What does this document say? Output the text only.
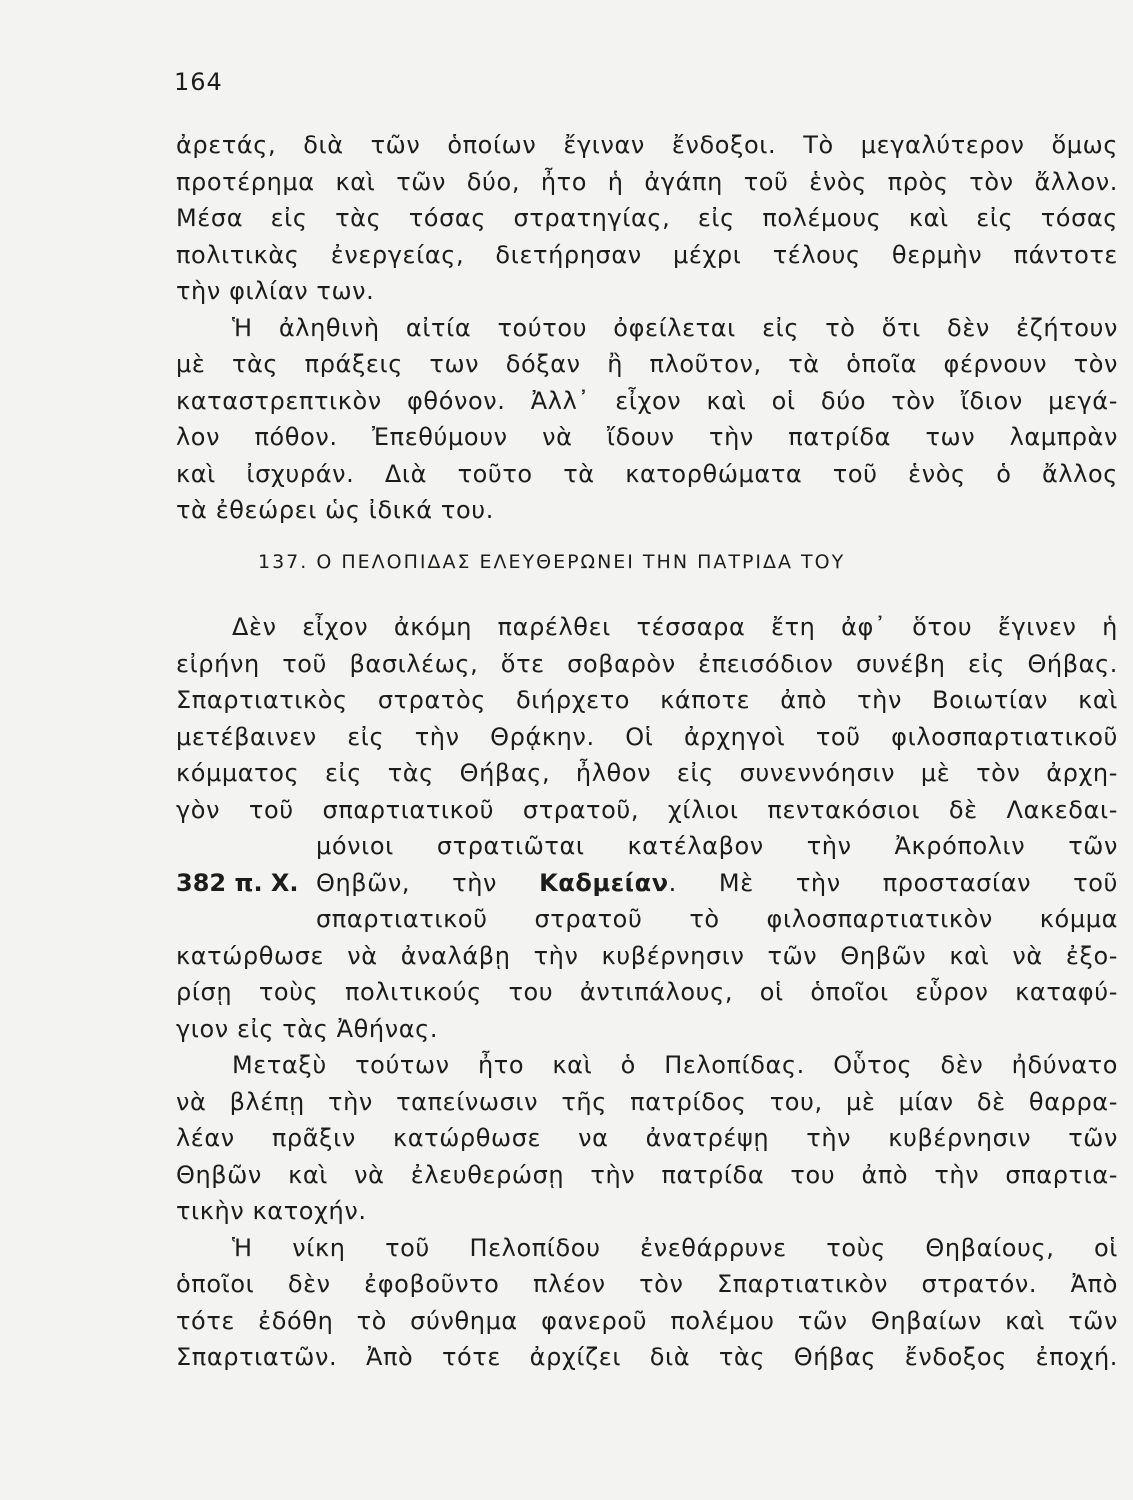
164
ἀρετάς, διὰ τῶν ὁποίων ἔγιναν ἔνδοξοι. Τὸ μεγαλύτερον ὅμως
προτέρημα καὶ τῶν δύο, ἦτο ἡ ἀγάπη τοῦ ἑνὸς πρὸς τὸν ἄλλον.
Μέσα εἰς τὰς τόσας στρατηγίας, εἰς πολέμους καὶ εἰς τόσας
πολιτικὰς ἐνεργείας, διετήρησαν μέχρι τέλους θερμὴν πάντοτε
τὴν φιλίαν των.
Ἡ ἀληθινὴ αἰτία τούτου ὀφείλεται εἰς τὸ ὅτι δὲν ἐζήτουν
μὲ τὰς πράξεις των δόξαν ἢ πλοῦτον, τὰ ὁποῖα φέρνουν τὸν
καταστρεπτικὸν φθόνον. Ἀλλ᾽ εἶχον καὶ οἱ δύο τὸν ἴδιον μεγά-
λον πόθον. Ἐπεθύμουν νὰ ἴδουν τὴν πατρίδα των λαμπρὰν
καὶ ἰσχυράν. Διὰ τοῦτο τὰ κατορθώματα τοῦ ἑνὸς ὁ ἄλλος
τὰ ἐθεώρει ὡς ἰδικά του.
137. Ο ΠΕΛΟΠΙΔΑΣ ΕΛΕΥΘΕΡΩΝΕΙ ΤΗΝ ΠΑΤΡΙΔΑ ΤΟΥ
Δὲν εἶχον ἀκόμη παρέλθει τέσσαρα ἔτη ἀφ᾽ ὅτου ἔγινεν ἡ
εἰρήνη τοῦ βασιλέως, ὅτε σοβαρὸν ἐπεισόδιον συνέβη εἰς Θήβας.
Σπαρτιατικὸς στρατὸς διήρχετο κάποτε ἀπὸ τὴν Βοιωτίαν καὶ
μετέβαινεν εἰς τὴν Θρᾴκην. Οἱ ἀρχηγοὶ τοῦ φιλοσπαρτιατικοῦ
κόμματος εἰς τὰς Θήβας, ἦλθον εἰς συνεννόησιν μὲ τὸν ἀρχη-
γὸν τοῦ σπαρτιατικοῦ στρατοῦ, χίλιοι πεντακόσιοι δὲ Λακεδαι-
μόνιοι στρατιῶται κατέλαβον τὴν Ἀκρόπολιν τῶν
Θηβῶν, τὴν Καδμείαν. Μὲ τὴν προστασίαν τοῦ
σπαρτιατικοῦ στρατοῦ τὸ φιλοσπαρτιατικὸν κόμμα
382 π. Χ.
κατώρθωσε νὰ ἀναλάβῃ τὴν κυβέρνησιν τῶν Θηβῶν καὶ νὰ ἐξο-
ρίσῃ τοὺς πολιτικούς του ἀντιπάλους, οἱ ὁποῖοι εὗρον καταφύ-
γιον εἰς τὰς Ἀθήνας.
Μεταξὺ τούτων ἦτο καὶ ὁ Πελοπίδας. Οὗτος δὲν ἠδύνατο
νὰ βλέπῃ τὴν ταπείνωσιν τῆς πατρίδος του, μὲ μίαν δὲ θαρρα-
λέαν πρᾶξιν κατώρθωσε να ἀνατρέψῃ τὴν κυβέρνησιν τῶν
Θηβῶν καὶ νὰ ἐλευθερώσῃ τὴν πατρίδα του ἀπὸ τὴν σπαρτια-
τικὴν κατοχήν.
Ἡ νίκη τοῦ Πελοπίδου ἐνεθάρρυνε τοὺς Θηβαίους, οἱ
ὁποῖοι δὲν ἐφοβοῦντο πλέον τὸν Σπαρτιατικὸν στρατόν. Ἀπὸ
τότε ἐδόθη τὸ σύνθημα φανεροῦ πολέμου τῶν Θηβαίων καὶ τῶν
Σπαρτιατῶν. Ἀπὸ τότε ἀρχίζει διὰ τὰς Θήβας ἔνδοξος ἐποχή.
